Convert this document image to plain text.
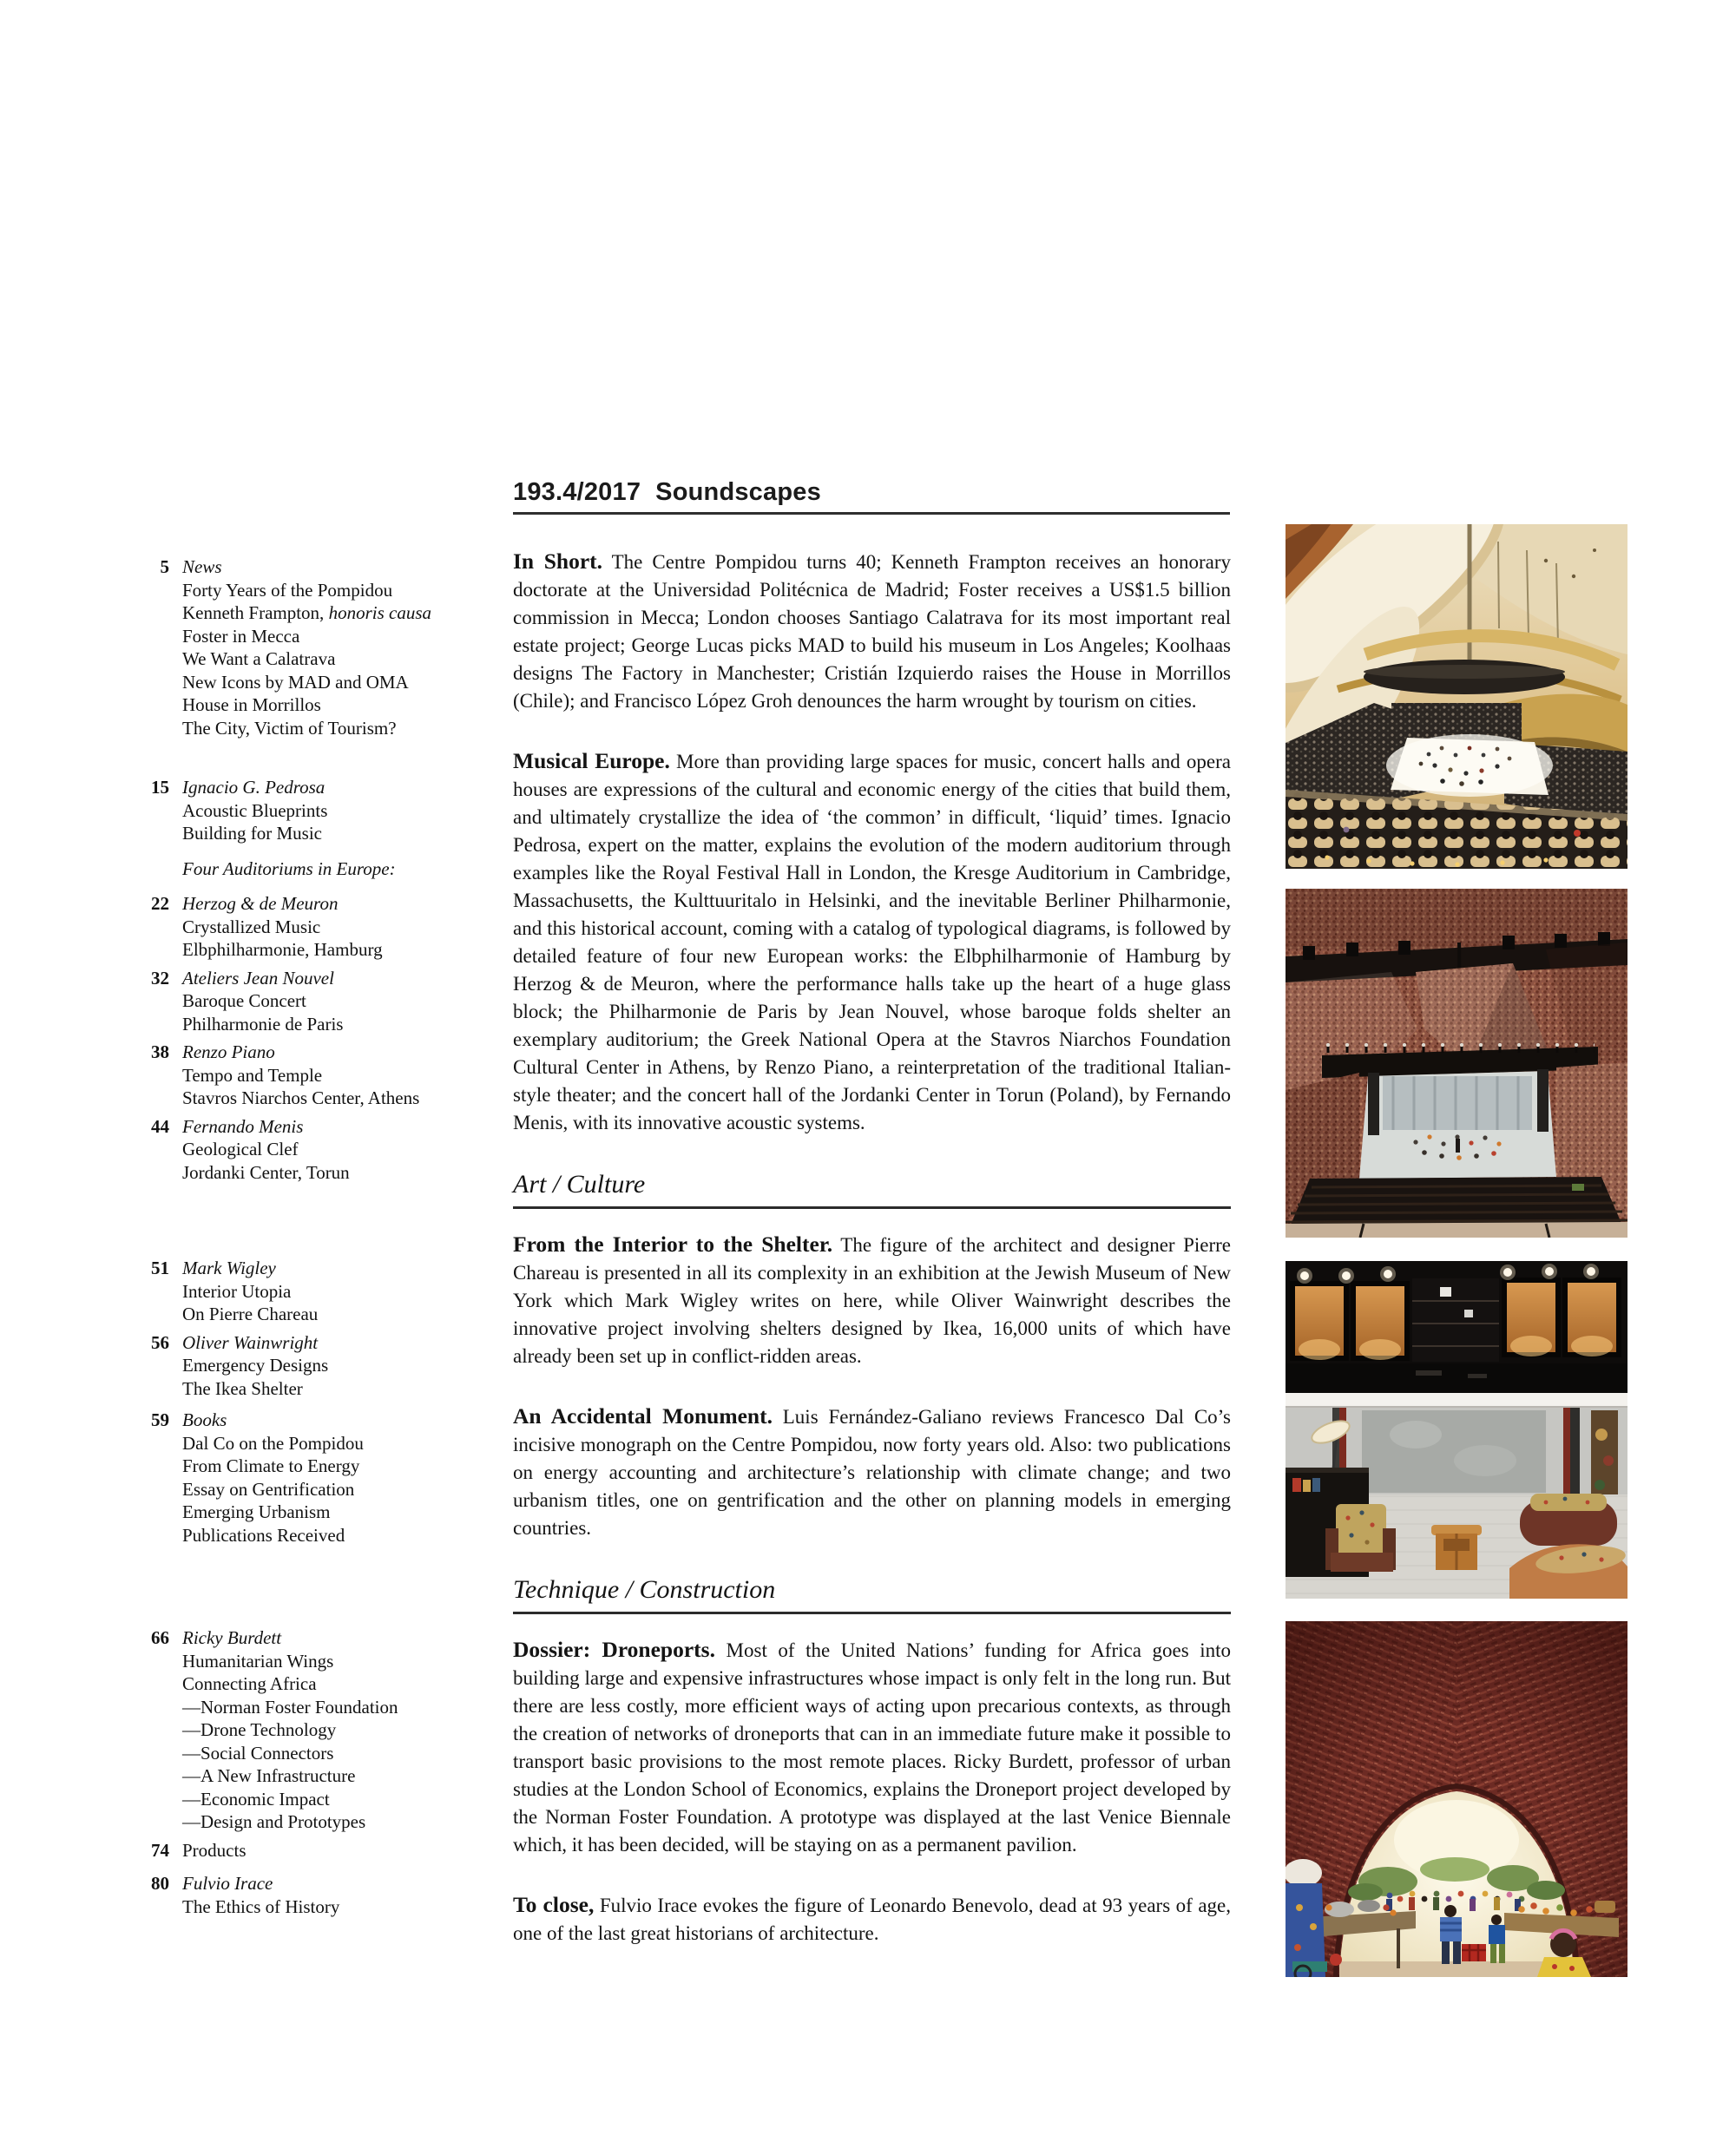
193.4/2017 Soundscapes
5 News
Forty Years of the Pompidou
Kenneth Frampton, honoris causa
Foster in Mecca
We Want a Calatrava
New Icons by MAD and OMA
House in Morrillos
The City, Victim of Tourism?
15 Ignacio G. Pedrosa
Acoustic Blueprints
Building for Music
Four Auditoriums in Europe:
22 Herzog & de Meuron
Crystallized Music
Elbphilharmonie, Hamburg
32 Ateliers Jean Nouvel
Baroque Concert
Philharmonie de Paris
38 Renzo Piano
Tempo and Temple
Stavros Niarchos Center, Athens
44 Fernando Menis
Geological Clef
Jordanki Center, Torun
51 Mark Wigley
Interior Utopia
On Pierre Chareau
56 Oliver Wainwright
Emergency Designs
The Ikea Shelter
59 Books
Dal Co on the Pompidou
From Climate to Energy
Essay on Gentrification
Emerging Urbanism
Publications Received
66 Ricky Burdett
Humanitarian Wings
Connecting Africa
—Norman Foster Foundation
—Drone Technology
—Social Connectors
—A New Infrastructure
—Economic Impact
—Design and Prototypes
74 Products
80 Fulvio Irace
The Ethics of History

In Short. The Centre Pompidou turns 40; Kenneth Frampton receives an honorary doctorate at the Universidad Politécnica de Madrid; Foster receives a US$1.5 billion commission in Mecca; London chooses Santiago Calatrava for its most important real estate project; George Lucas picks MAD to build his museum in Los Angeles; Koolhaas designs The Factory in Manchester; Cristián Izquierdo raises the House in Morrillos (Chile); and Francisco López Groh denounces the harm wrought by tourism on cities.

Musical Europe. More than providing large spaces for music, concert halls and opera houses are expressions of the cultural and economic energy of the cities that build them, and ultimately crystallize the idea of ‘the common’ in difficult, ‘liquid’ times. Ignacio Pedrosa, expert on the matter, explains the evolution of the modern auditorium through examples like the Royal Festival Hall in London, the Kresge Auditorium in Cambridge, Massachusetts, the Kulttuuritalo in Helsinki, and the inevitable Berliner Philharmonie, and this historical account, coming with a catalog of typological diagrams, is followed by detailed feature of four new European works: the Elbphilharmonie of Hamburg by Herzog & de Meuron, where the performance halls take up the heart of a huge glass block; the Philharmonie de Paris by Jean Nouvel, whose baroque folds shelter an exemplary auditorium; the Greek National Opera at the Stavros Niarchos Foundation Cultural Center in Athens, by Renzo Piano, a reinterpretation of the traditional Italian-style theater; and the concert hall of the Jordanki Center in Torun (Poland), by Fernando Menis, with its innovative acoustic systems.

Art / Culture

From the Interior to the Shelter. The figure of the architect and designer Pierre Chareau is presented in all its complexity in an exhibition at the Jewish Museum of New York which Mark Wigley writes on here, while Oliver Wainwright describes the innovative project involving shelters designed by Ikea, 16,000 units of which have already been set up in conflict-ridden areas.

An Accidental Monument. Luis Fernández-Galiano reviews Francesco Dal Co’s incisive monograph on the Centre Pompidou, now forty years old. Also: two publications on energy accounting and architecture’s relationship with climate change; and two urbanism titles, one on gentrification and the other on planning models in emerging countries.

Technique / Construction

Dossier: Droneports. Most of the United Nations’ funding for Africa goes into building large and expensive infrastructures whose impact is only felt in the long run. But there are less costly, more efficient ways of acting upon precarious contexts, as through the creation of networks of droneports that can in an immediate future make it possible to transport basic provisions to the most remote places. Ricky Burdett, professor of urban studies at the London School of Economics, explains the Droneport project developed by the Norman Foster Foundation. A prototype was displayed at the last Venice Biennale which, it has been decided, will be staying on as a permanent pavilion.

To close, Fulvio Irace evokes the figure of Leonardo Benevolo, dead at 93 years of age, one of the last great historians of architecture.
